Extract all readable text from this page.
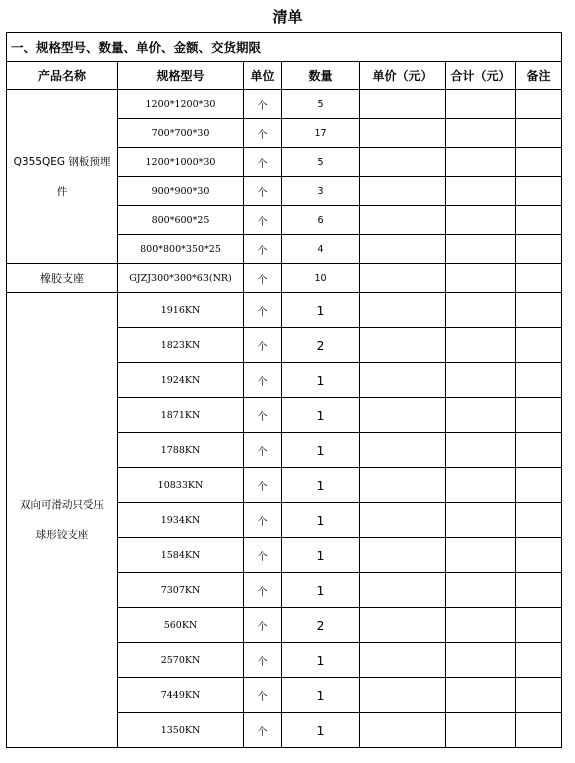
清单
一、规格型号、数量、单价、金额、交货期限						
产品名称	规格型号	单位	数量	单价（元）	合计（元）	备注
Q355QEG 钢板预埋
件	1200*1200*30	个	5			
	700*700*30	个	17			
	1200*1000*30	个	5			
	900*900*30	个	3			
	800*600*25	个	6			
	800*800*350*25	个	4			
橡胶支座	GJZJ300*300*63(NR)	个	10			
双向可滑动只受压
球形铰支座	1916KN	个	1			
	1823KN	个	2			
	1924KN	个	1			
	1871KN	个	1			
	1788KN	个	1			
	10833KN	个	1			
	1934KN	个	1			
	1584KN	个	1			
	7307KN	个	1			
	560KN	个	2			
	2570KN	个	1			
	7449KN	个	1			
	1350KN	个	1			
